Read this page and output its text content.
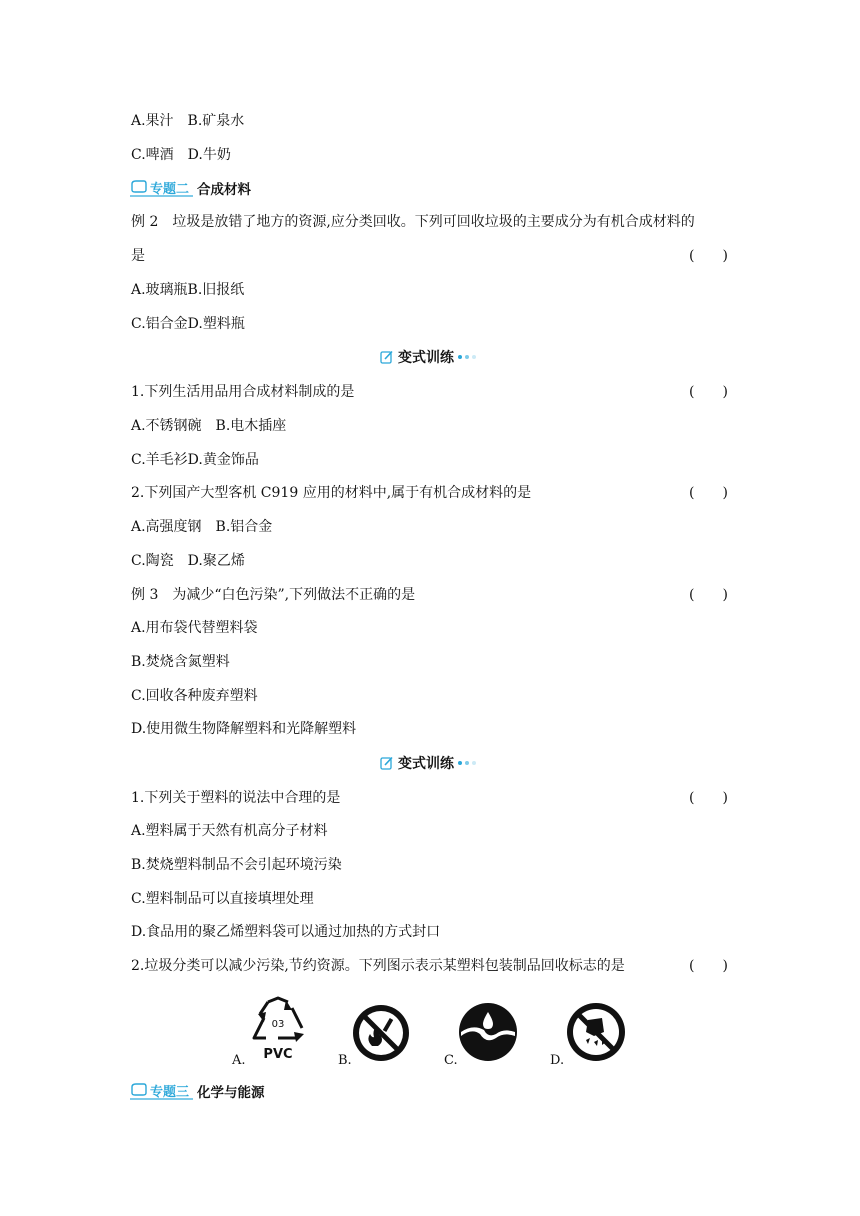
A.果汁　B.矿泉水
C.啤酒　D.牛奶
专题二 合成材料
例 2　垃圾是放错了地方的资源,应分类回收。下列可回收垃圾的主要成分为有机合成材料的
是	(　　)
A.玻璃瓶B.旧报纸
C.铝合金D.塑料瓶
变式训练
1.下列生活用品用合成材料制成的是	(　　)
A.不锈钢碗　B.电木插座
C.羊毛衫D.黄金饰品
2.下列国产大型客机 C919 应用的材料中,属于有机合成材料的是	(　　)
A.高强度钢　B.铝合金
C.陶瓷　D.聚乙烯
例 3　为减少“白色污染”,下列做法不正确的是	(　　)
A.用布袋代替塑料袋
B.焚烧含氮塑料
C.回收各种废弃塑料
D.使用微生物降解塑料和光降解塑料
变式训练
1.下列关于塑料的说法中合理的是	(　　)
A.塑料属于天然有机高分子材料
B.焚烧塑料制品不会引起环境污染
C.塑料制品可以直接填埋处理
D.食品用的聚乙烯塑料袋可以通过加热的方式封口
2.垃圾分类可以减少污染,节约资源。下列图示表示某塑料包装制品回收标志的是	(　　)
A.
03
PVC	B.	C.	D.
专题三 化学与能源
